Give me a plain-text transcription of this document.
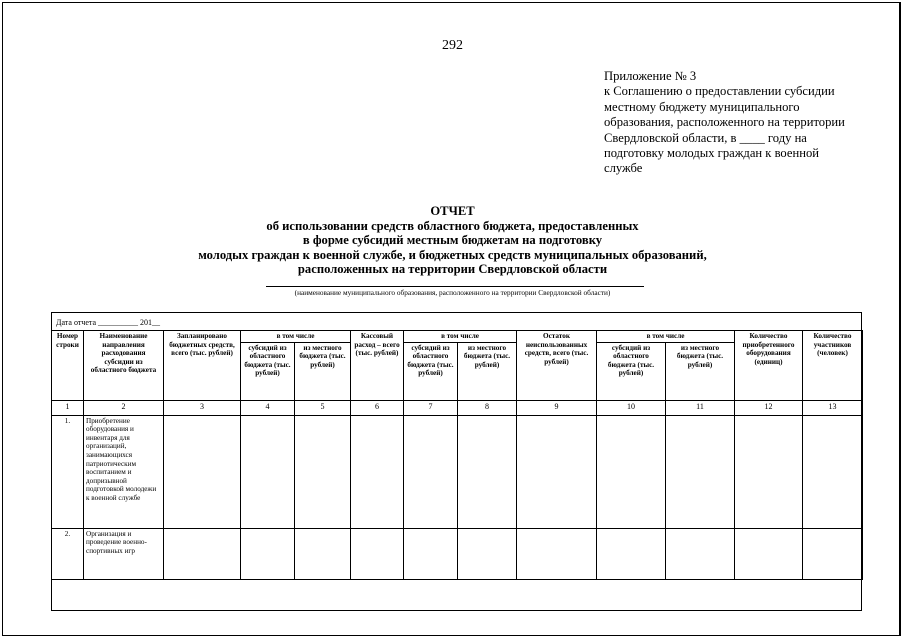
292
Приложение № 3
к Соглашению о предоставлении субсидии
местному бюджету муниципального
образования, расположенного на территории
Свердловской области, в ____ году на
подготовку молодых граждан к военной
службе
ОТЧЕТ
об использовании средств областного бюджета, предоставленных
в форме субсидий местным бюджетам на подготовку
молодых граждан к военной службе, и бюджетных средств муниципальных образований,
расположенных на территории Свердловской области
(наименование муниципального образования, расположенного на территории Свердловской области)
Дата отчета __________ 201__
Номер строки	Наименование направления расходования субсидии из областного бюджета	Запланировано бюджетных средств, всего (тыс. рублей)	в том числе		Кассовый расход – всего (тыс. рублей)	в том числе		Остаток неиспользованных средств, всего (тыс. рублей)	в том числе		Количество приобретенного оборудования (единиц)	Количество участников (человек)
			субсидий из областного бюджета (тыс. рублей)	из местного бюджета (тыс. рублей)		субсидий из областного бюджета (тыс. рублей)	из местного бюджета (тыс. рублей)		субсидий из областного бюджета (тыс. рублей)	из местного бюджета (тыс. рублей)		
1	2	3	4	5	6	7	8	9	10	11	12	13
1.	Приобретение оборудования и инвентаря для организаций, занимающихся патриотическим воспитанием и допризывной подготовкой молодежи к военной службе											
2.	Организация и проведение военно-спортивных игр											
